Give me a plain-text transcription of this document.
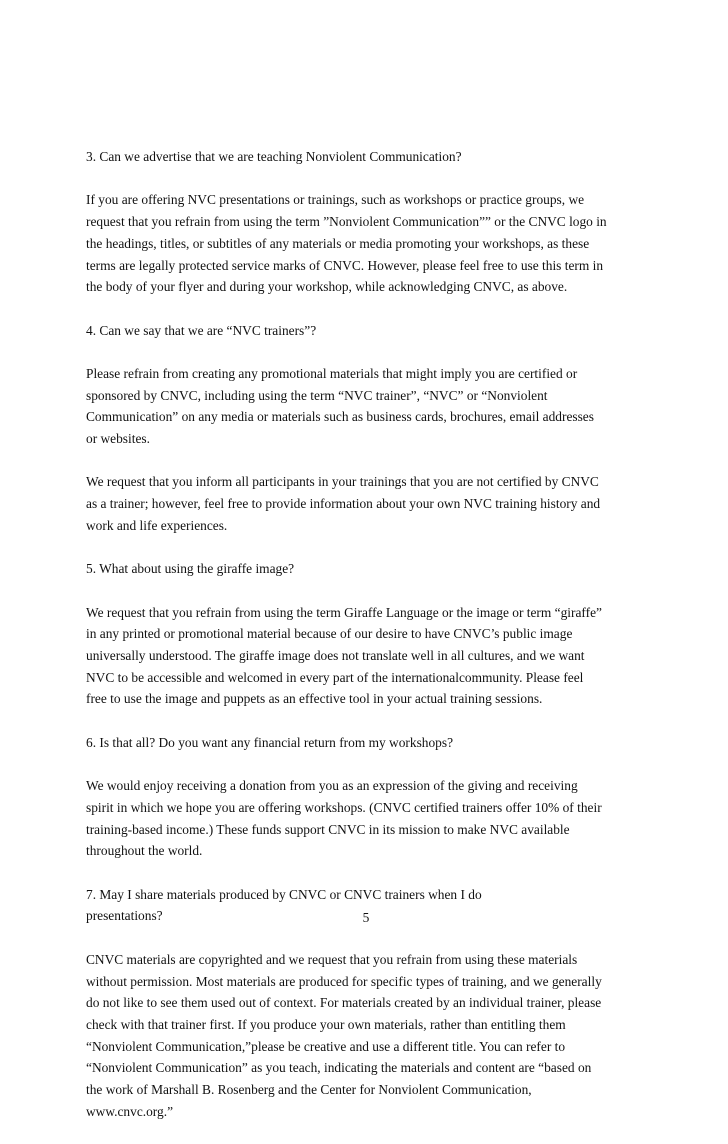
3. Can we advertise that we are teaching Nonviolent Communication?
If you are offering NVC presentations or trainings, such as workshops or practice groups, we
request that you refrain from using the term ”Nonviolent Communication”” or the CNVC logo in
the headings, titles, or subtitles of any materials or media promoting your workshops, as these
terms are legally protected service marks of CNVC. However, please feel free to use this term in
the body of your flyer and during your workshop, while acknowledging CNVC, as above.
4. Can we say that we are “NVC trainers”?
Please refrain from creating any promotional materials that might imply you are certified or
sponsored by CNVC, including using the term “NVC trainer”, “NVC” or “Nonviolent
Communication” on any media or materials such as business cards, brochures, email addresses
or websites.
We request that you inform all participants in your trainings that you are not certified by CNVC
as a trainer; however, feel free to provide information about your own NVC training history and
work and life experiences.
5. What about using the giraffe image?
We request that you refrain from using the term Giraffe Language or the image or term “giraffe”
in any printed or promotional material because of our desire to have CNVC’s public image
universally understood. The giraffe image does not translate well in all cultures, and we want
NVC to be accessible and welcomed in every part of the internationalcommunity. Please feel
free to use the image and puppets as an effective tool in your actual training sessions.
6. Is that all? Do you want any financial return from my workshops?
We would enjoy receiving a donation from you as an expression of the giving and receiving
spirit in which we hope you are offering workshops. (CNVC certified trainers offer 10% of their
training-based income.) These funds support CNVC in its mission to make NVC available
throughout the world.
7. May I share materials produced by CNVC or CNVC trainers when I do
presentations?
CNVC materials are copyrighted and we request that you refrain from using these materials
without permission. Most materials are produced for specific types of training, and we generally
do not like to see them used out of context. For materials created by an individual trainer, please
check with that trainer first. If you produce your own materials, rather than entitling them
“Nonviolent Communication,”please be creative and use a different title. You can refer to
“Nonviolent Communication” as you teach, indicating the materials and content are “based on
the work of Marshall B. Rosenberg and the Center for Nonviolent Communication,
www.cnvc.org.”
5
